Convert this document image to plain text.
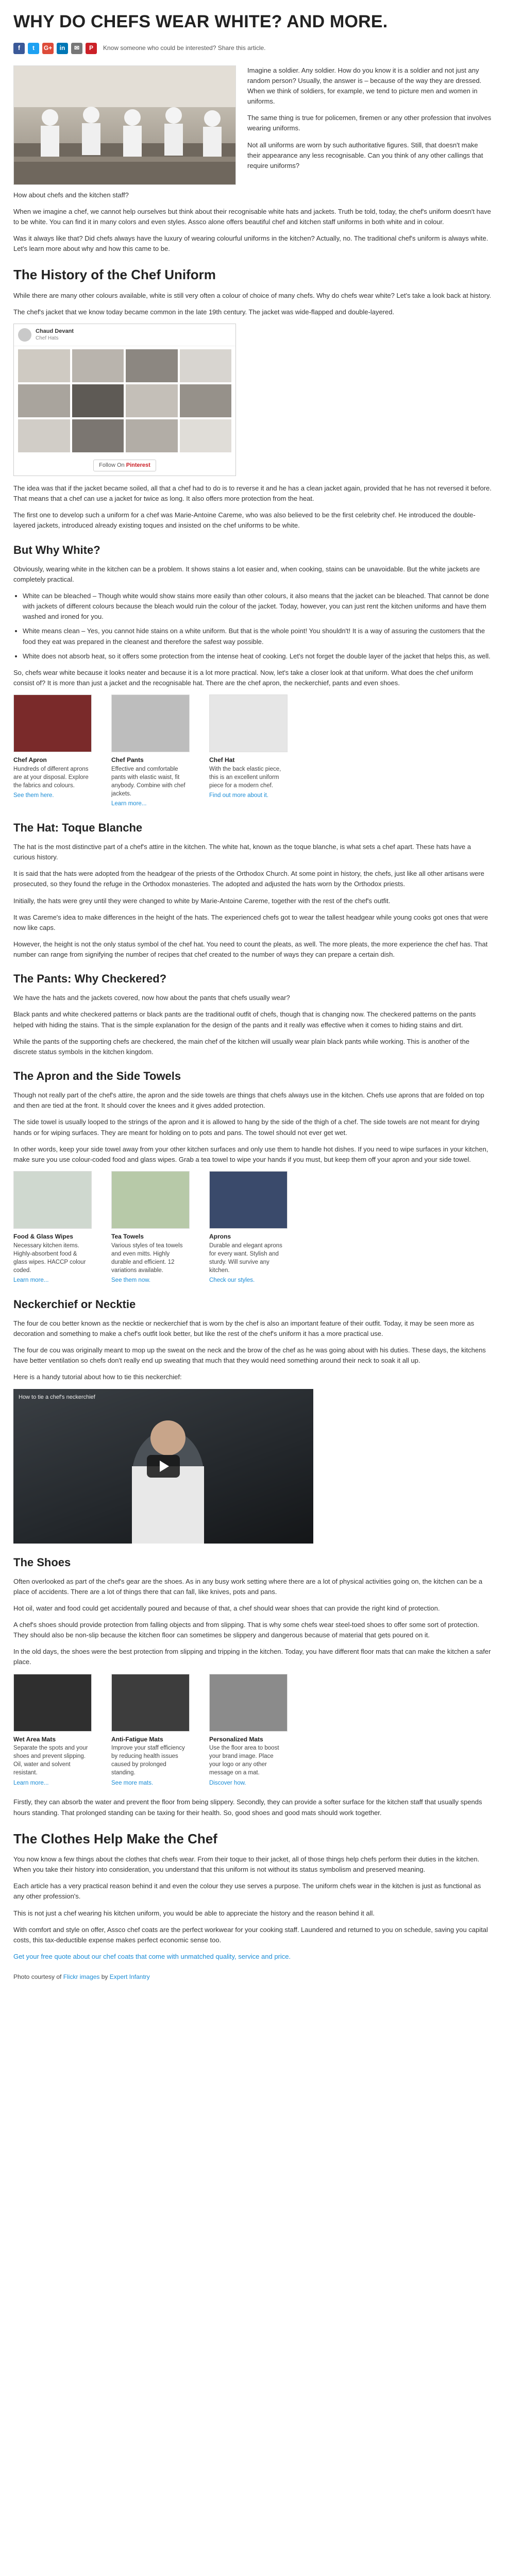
WHY DO CHEFS WEAR WHITE? AND MORE.
f	t	G+	in	✉	P	Know someone who could be interested? Share this article.

Imagine a soldier. Any soldier. How do you know it is a soldier and not just any random person? Usually, the answer is – because of the way they are dressed. When we think of soldiers, for example, we tend to picture men and women in uniforms.

The same thing is true for policemen, firemen or any other profession that involves wearing uniforms.

Not all uniforms are worn by such authoritative figures. Still, that doesn't make their appearance any less recognisable. Can you think of any other callings that require uniforms?

How about chefs and the kitchen staff?

When we imagine a chef, we cannot help ourselves but think about their recognisable white hats and jackets. Truth be told, today, the chef's uniform doesn't have to be white. You can find it in many colors and even styles. Assco alone offers beautiful chef and kitchen staff uniforms in both white and in colour.

Was it always like that? Did chefs always have the luxury of wearing colourful uniforms in the kitchen? Actually, no. The traditional chef's uniform is always white. Let's learn more about why and how this came to be.

The History of the Chef Uniform

While there are many other colours available, white is still very often a colour of choice of many chefs. Why do chefs wear white? Let's take a look back at history.

The chef's jacket that we know today became common in the late 19th century. The jacket was wide-flapped and double-layered.

Chaud Devant
Chef Hats
Follow On Pinterest

The idea was that if the jacket became soiled, all that a chef had to do is to reverse it and he has a clean jacket again, provided that he has not reversed it before. That means that a chef can use a jacket for twice as long. It also offers more protection from the heat.

The first one to develop such a uniform for a chef was Marie-Antoine Careme, who was also believed to be the first celebrity chef. He introduced the double-layered jackets, introduced already existing toques and insisted on the chef uniforms to be white.

But Why White?

Obviously, wearing white in the kitchen can be a problem. It shows stains a lot easier and, when cooking, stains can be unavoidable. But the white jackets are completely practical.

• White can be bleached – Though white would show stains more easily than other colours, it also means that the jacket can be bleached. That cannot be done with jackets of different colours because the bleach would ruin the colour of the jacket. Today, however, you can just rent the kitchen uniforms and have them washed and ironed for you.
• White means clean – Yes, you cannot hide stains on a white uniform. But that is the whole point! You shouldn't! It is a way of assuring the customers that the food they eat was prepared in the cleanest and therefore the safest way possible.
• White does not absorb heat, so it offers some protection from the intense heat of cooking. Let's not forget the double layer of the jacket that helps this, as well.

So, chefs wear white because it looks neater and because it is a lot more practical. Now, let's take a closer look at that uniform. What does the chef uniform consist of? It is more than just a jacket and the recognisable hat. There are the chef apron, the neckerchief, pants and even shoes.

Chef Apron
Hundreds of different aprons are at your disposal. Explore the fabrics and colours.
See them here.
Chef Pants
Effective and comfortable pants with elastic waist, fit anybody. Combine with chef jackets.
Learn more...
Chef Hat
With the back elastic piece, this is an excellent uniform piece for a modern chef.
Find out more about it.
The Hat: Toque Blanche

The hat is the most distinctive part of a chef's attire in the kitchen. The white hat, known as the toque blanche, is what sets a chef apart. These hats have a curious history.

It is said that the hats were adopted from the headgear of the priests of the Orthodox Church. At some point in history, the chefs, just like all other artisans were prosecuted, so they found the refuge in the Orthodox monasteries. The adopted and adjusted the hats worn by the Orthodox priests.

Initially, the hats were grey until they were changed to white by Marie-Antoine Careme, together with the rest of the chef's outfit.

It was Careme's idea to make differences in the height of the hats. The experienced chefs got to wear the tallest headgear while young cooks got ones that were now like caps.

However, the height is not the only status symbol of the chef hat. You need to count the pleats, as well. The more pleats, the more experience the chef has. That number can range from signifying the number of recipes that chef created to the number of ways they can prepare a certain dish.

The Pants: Why Checkered?

We have the hats and the jackets covered, now how about the pants that chefs usually wear?

Black pants and white checkered patterns or black pants are the traditional outfit of chefs, though that is changing now. The checkered patterns on the pants helped with hiding the stains. That is the simple explanation for the design of the pants and it really was effective when it comes to hiding stains and dirt.

While the pants of the supporting chefs are checkered, the main chef of the kitchen will usually wear plain black pants while working. This is another of the discrete status symbols in the kitchen kingdom.

The Apron and the Side Towels

Though not really part of the chef's attire, the apron and the side towels are things that chefs always use in the kitchen. Chefs use aprons that are folded on top and then are tied at the front. It should cover the knees and it gives added protection.

The side towel is usually looped to the strings of the apron and it is allowed to hang by the side of the thigh of a chef. The side towels are not meant for drying hands or for wiping surfaces. They are meant for holding on to pots and pans. The towel should not ever get wet.

In other words, keep your side towel away from your other kitchen surfaces and only use them to handle hot dishes. If you need to wipe surfaces in your kitchen, make sure you use colour-coded food and glass wipes. Grab a tea towel to wipe your hands if you must, but keep them off your apron and your side towel.

Food & Glass Wipes
Necessary kitchen items. Highly-absorbent food & glass wipes. HACCP colour coded.
Learn more...
Tea Towels
Various styles of tea towels and even mitts. Highly durable and efficient. 12 variations available.
See them now.
Aprons
Durable and elegant aprons for every want. Stylish and sturdy. Will survive any kitchen.
Check our styles.
Neckerchief or Necktie

The four de cou better known as the necktie or neckerchief that is worn by the chef is also an important feature of their outfit. Today, it may be seen more as decoration and something to make a chef's outfit look better, but like the rest of the chef's uniform it has a more practical use.

The four de cou was originally meant to mop up the sweat on the neck and the brow of the chef as he was going about with his duties. These days, the kitchens have better ventilation so chefs don't really end up sweating that much that they would need something around their neck to soak it all up.

Here is a handy tutorial about how to tie this neckerchief:

How to tie a chef's neckerchief
The Shoes

Often overlooked as part of the chef's gear are the shoes. As in any busy work setting where there are a lot of physical activities going on, the kitchen can be a place of accidents. There are a lot of things there that can fall, like knives, pots and pans.

Hot oil, water and food could get accidentally poured and because of that, a chef should wear shoes that can provide the right kind of protection.

A chef's shoes should provide protection from falling objects and from slipping. That is why some chefs wear steel-toed shoes to offer some sort of protection. They should also be non-slip because the kitchen floor can sometimes be slippery and dangerous because of material that gets poured on it.

In the old days, the shoes were the best protection from slipping and tripping in the kitchen. Today, you have different floor mats that can make the kitchen a safer place.

Wet Area Mats
Separate the spots and your shoes and prevent slipping. Oil, water and solvent resistant.
Learn more...
Anti-Fatigue Mats
Improve your staff efficiency by reducing health issues caused by prolonged standing.
See more mats.
Personalized Mats
Use the floor area to boost your brand image. Place your logo or any other message on a mat.
Discover how.

Firstly, they can absorb the water and prevent the floor from being slippery. Secondly, they can provide a softer surface for the kitchen staff that usually spends hours standing. That prolonged standing can be taxing for their health. So, good shoes and good mats should work together.

The Clothes Help Make the Chef

You now know a few things about the clothes that chefs wear. From their toque to their jacket, all of those things help chefs perform their duties in the kitchen. When you take their history into consideration, you understand that this uniform is not without its status symbolism and preserved meaning.

Each article has a very practical reason behind it and even the colour they use serves a purpose. The uniform chefs wear in the kitchen is just as functional as any other profession's.

This is not just a chef wearing his kitchen uniform, you would be able to appreciate the history and the reason behind it all.

With comfort and style on offer, Assco chef coats are the perfect workwear for your cooking staff. Laundered and returned to you on schedule, saving you capital costs, this tax-deductible expense makes perfect economic sense too.

Get your free quote about our chef coats that come with unmatched quality, service and price.

Photo courtesy of Flickr images by Expert Infantry
